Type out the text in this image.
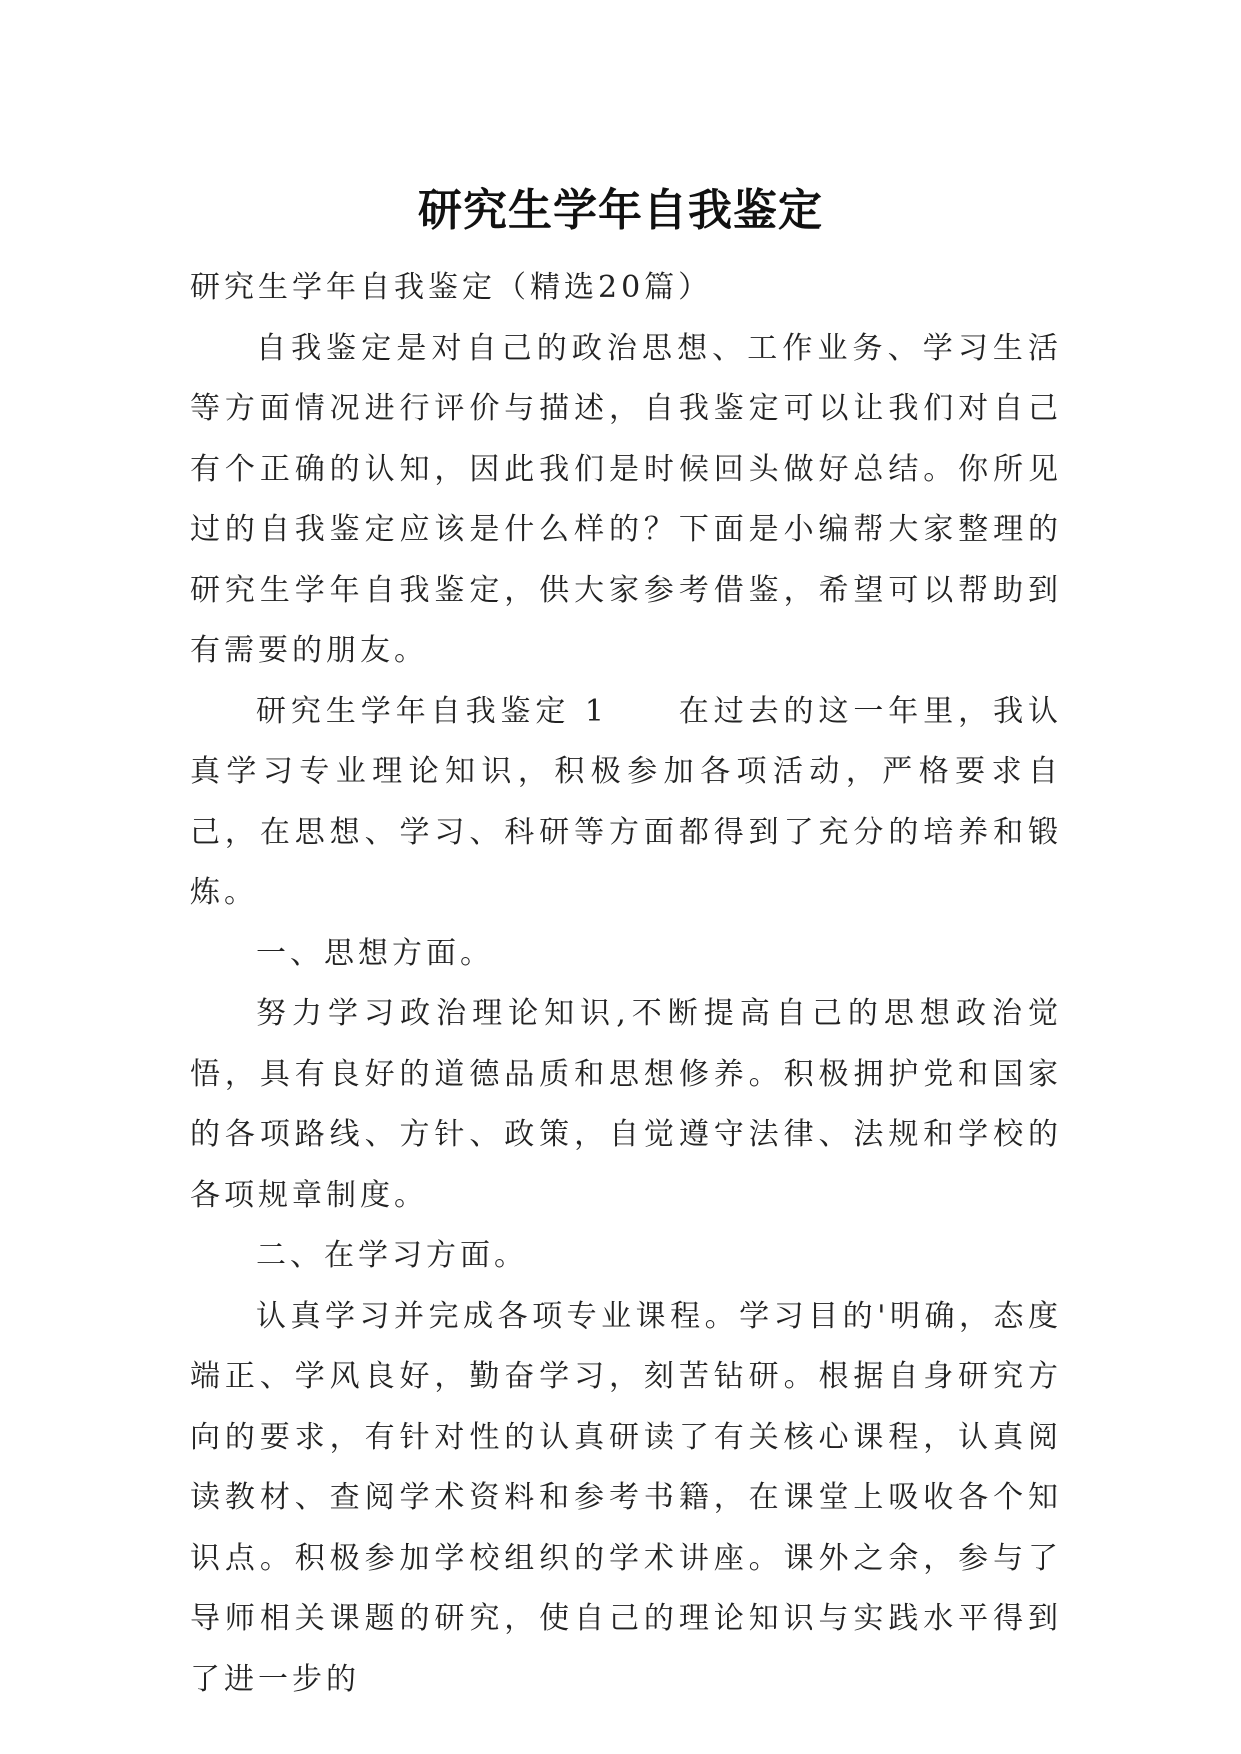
研究生学年自我鉴定

研究生学年自我鉴定（精选20篇）

自我鉴定是对自己的政治思想、工作业务、学习生活等方面情况进行评价与描述，自我鉴定可以让我们对自己有个正确的认知，因此我们是时候回头做好总结。你所见过的自我鉴定应该是什么样的？下面是小编帮大家整理的研究生学年自我鉴定，供大家参考借鉴，希望可以帮助到有需要的朋友。

研究生学年自我鉴定 1　　在过去的这一年里，我认真学习专业理论知识，积极参加各项活动，严格要求自己，在思想、学习、科研等方面都得到了充分的培养和锻炼。

一、思想方面。

努力学习政治理论知识,不断提高自己的思想政治觉悟，具有良好的道德品质和思想修养。积极拥护党和国家的各项路线、方针、政策，自觉遵守法律、法规和学校的各项规章制度。

二、在学习方面。

认真学习并完成各项专业课程。学习目的'明确，态度端正、学风良好，勤奋学习，刻苦钻研。根据自身研究方向的要求，有针对性的认真研读了有关核心课程，认真阅读教材、查阅学术资料和参考书籍，在课堂上吸收各个知识点。积极参加学校组织的学术讲座。课外之余，参与了导师相关课题的研究，使自己的理论知识与实践水平得到了进一步的
